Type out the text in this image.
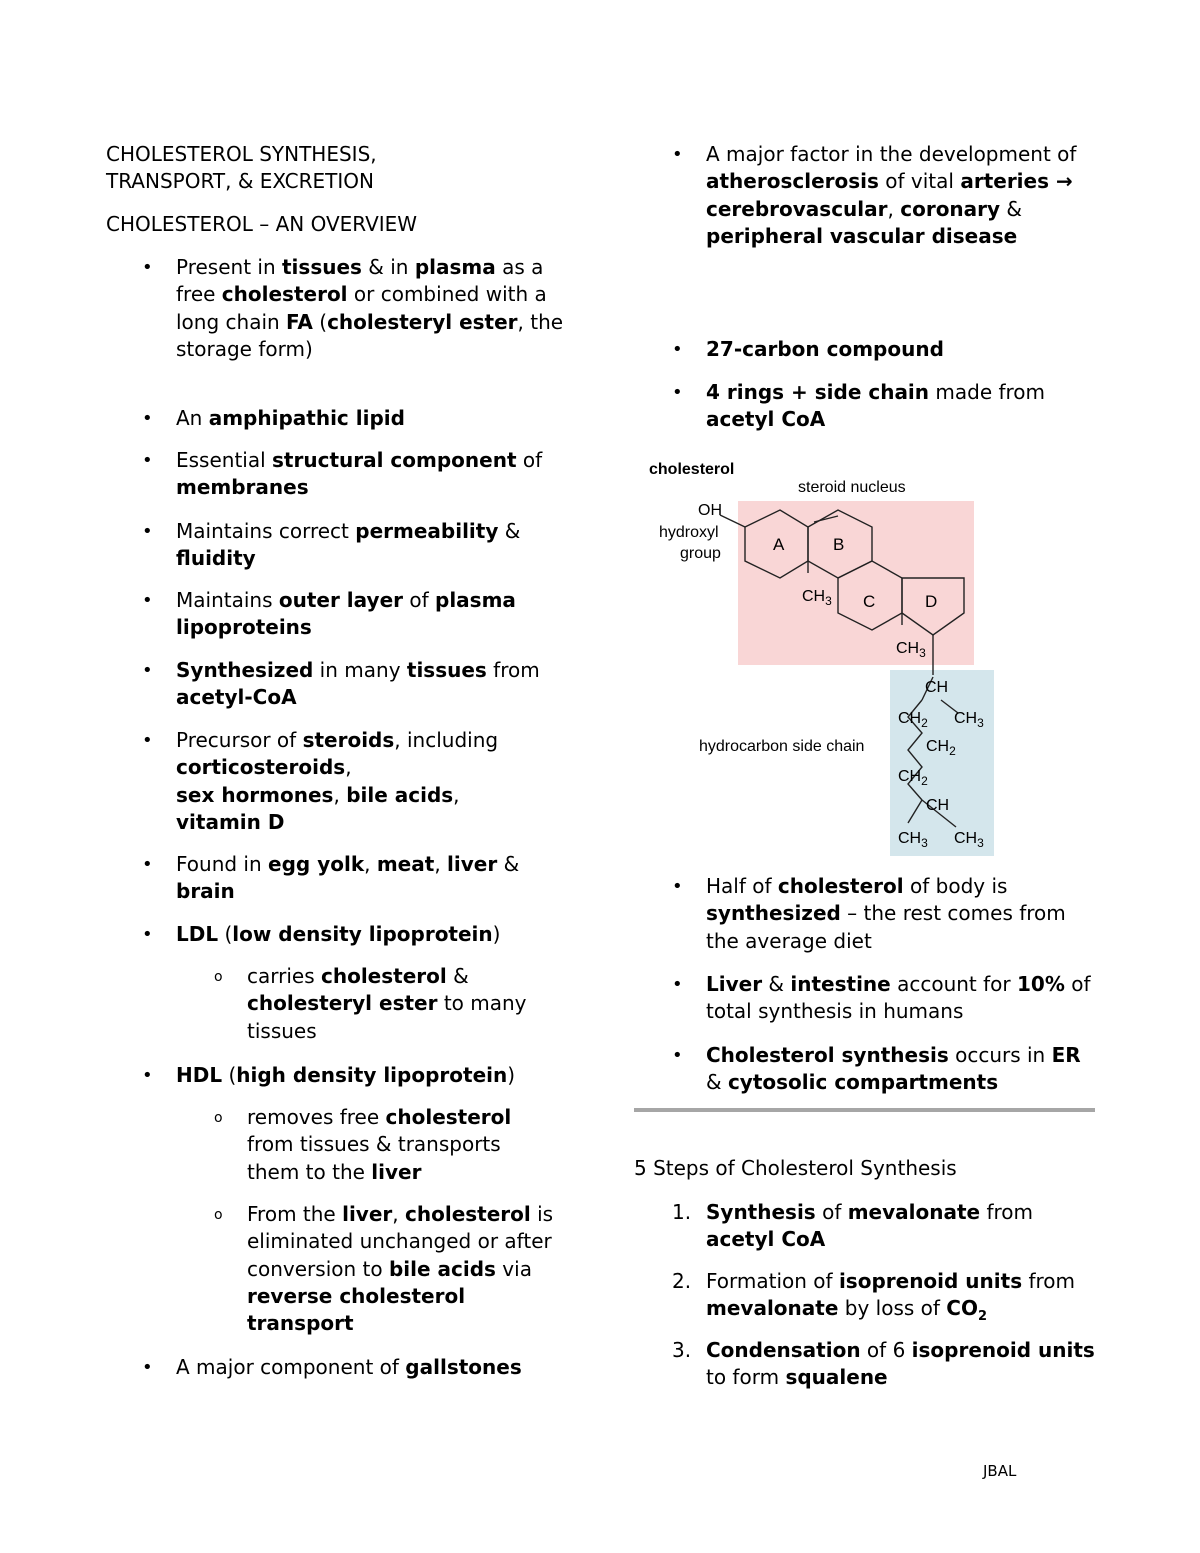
CHOLESTEROL SYNTHESIS,
TRANSPORT, & EXCRETION
CHOLESTEROL – AN OVERVIEW
• Present in tissues & in plasma as a free cholesterol or combined with a long chain FA (cholesteryl ester, the storage form)
• An amphipathic lipid
• Essential structural component of membranes
• Maintains correct permeability & fluidity
• Maintains outer layer of plasma lipoproteins
• Synthesized in many tissues from acetyl-CoA
• Precursor of steroids, including
corticosteroids,
sex hormones, bile acids,
vitamin D
• Found in egg yolk, meat, liver & brain
• LDL (low density lipoprotein)
o carries cholesterol & cholesteryl ester to many tissues
• HDL (high density lipoprotein)
o removes free cholesterol from tissues & transports them to the liver
o From the liver, cholesterol is eliminated unchanged or after conversion to bile acids via reverse cholesterol transport
• A major component of gallstones
• A major factor in the development of atherosclerosis of vital arteries → cerebrovascular, coronary & peripheral vascular disease
• 27-carbon compound
• 4 rings + side chain made from acetyl CoA
cholesterol
steroid nucleus
OH
hydroxyl
group	A	B
C	D
$CH_3$
$CH_3$
CH
$CH_2$ $CH_3$
$CH_2$
hydrocarbon side chain
$CH_2$
CH
$CH_3$ $CH_3$
• Half of cholesterol of body is synthesized – the rest comes from the average diet
• Liver & intestine account for 10% of total synthesis in humans
• Cholesterol synthesis occurs in ER & cytosolic compartments
5 Steps of Cholesterol Synthesis
1. Synthesis of mevalonate from acetyl CoA
2. Formation of isoprenoid units from mevalonate by loss of $CO_2$
3. Condensation of 6 isoprenoid units to form squalene
JBAL
